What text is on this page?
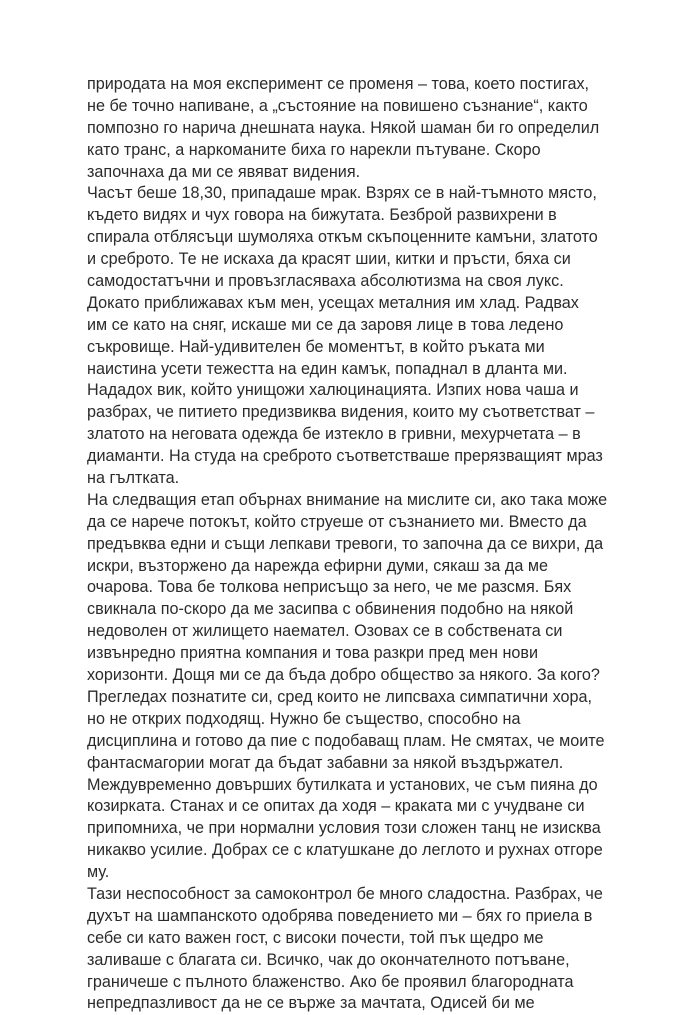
природата на моя експеримент се променя – това, което постигах,
не бе точно напиване, а „състояние на повишено съзнание“, както
помпозно го нарича днешната наука. Някой шаман би го определил
като транс, а наркоманите биха го нарекли пътуване. Скоро
започнаха да ми се явяват видения.
Часът беше 18,30, припадаше мрак. Взрях се в най-тъмното място,
където видях и чух говора на бижутата. Безброй развихрени в
спирала отблясъци шумоляха откъм скъпоценните камъни, златото
и среброто. Те не искаха да красят шии, китки и пръсти, бяха си
самодостатъчни и провъзгласяваха абсолютизма на своя лукс.
Докато приближавах към мен, усещах металния им хлад. Радвах
им се като на сняг, искаше ми се да заровя лице в това ледено
съкровище. Най-удивителен бе моментът, в който ръката ми
наистина усети тежестта на един камък, попаднал в дланта ми.
Нададох вик, който унищожи халюцинацията. Изпих нова чаша и
разбрах, че питието предизвиква видения, които му съответстват –
златото на неговата одежда бе изтекло в гривни, мехурчетата – в
диаманти. На студа на среброто съответстваше прерязващият мраз
на гълтката.
На следващия етап обърнах внимание на мислите си, ако така може
да се нарече потокът, който струеше от съзнанието ми. Вместо да
предъвква едни и същи лепкави тревоги, то започна да се вихри, да
искри, възторжено да нарежда ефирни думи, сякаш за да ме
очарова. Това бе толкова неприсъщо за него, че ме разсмя. Бях
свикнала по-скоро да ме засипва с обвинения подобно на някой
недоволен от жилището наемател. Озовах се в собствената си
извънредно приятна компания и това разкри пред мен нови
хоризонти. Дощя ми се да бъда добро общество за някого. За кого?
Прегледах познатите си, сред които не липсваха симпатични хора,
но не открих подходящ. Нужно бе същество, способно на
дисциплина и готово да пие с подобаващ плам. Не смятах, че моите
фантасмагории могат да бъдат забавни за някой въздържател.
Междувременно довърших бутилката и установих, че съм пияна до
козирката. Станах и се опитах да ходя – краката ми с учудване си
припомниха, че при нормални условия този сложен танц не изисква
никакво усилие. Добрах се с клатушкане до леглото и рухнах отгоре
му.
Тази неспособност за самоконтрол бе много сладостна. Разбрах, че
духът на шампанското одобрява поведението ми – бях го приела в
себе си като важен гост, с високи почести, той пък щедро ме
заливаше с благата си. Всичко, чак до окончателното потъване,
граничеше с пълното блаженство. Ако бе проявил благородната
непредпазливост да не се върже за мачтата, Одисей би ме
